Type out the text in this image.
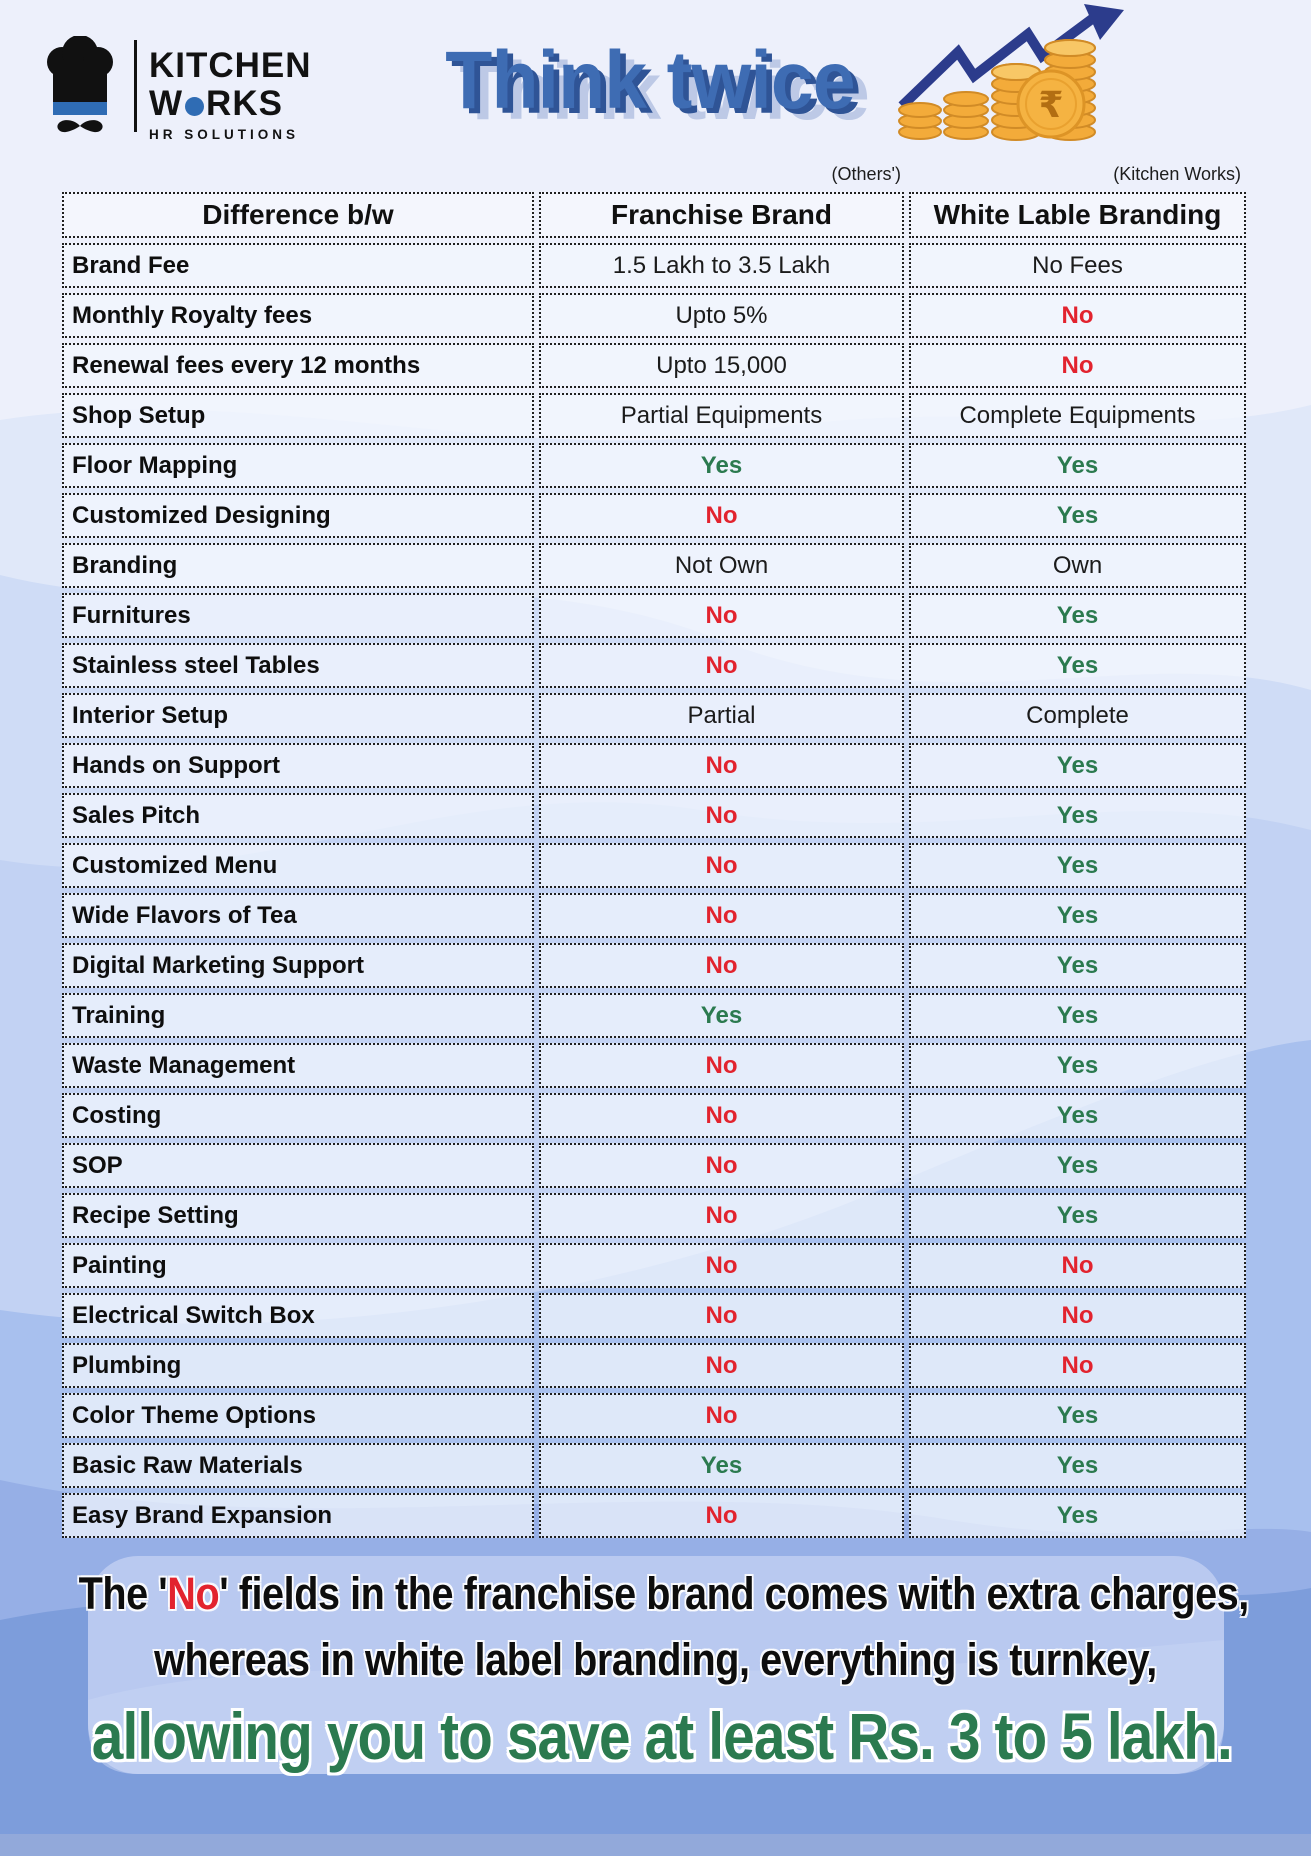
KITCHEN
W RKS
HR SOLUTIONS
Think twice	₹
(Others')	(Kitchen Works)
Difference b/w	Franchise Brand	White Lable Branding
Brand Fee	1.5 Lakh to 3.5 Lakh	No Fees
Monthly Royalty fees	Upto 5%	No
Renewal fees every 12 months	Upto 15,000	No
Shop Setup	Partial Equipments	Complete Equipments
Floor Mapping	Yes	Yes
Customized Designing	No	Yes
Branding	Not Own	Own
Furnitures	No	Yes
Stainless steel Tables	No	Yes
Interior Setup	Partial	Complete
Hands on Support	No	Yes
Sales Pitch	No	Yes
Customized Menu	No	Yes
Wide Flavors of Tea	No	Yes
Digital Marketing Support	No	Yes
Training	Yes	Yes
Waste Management	No	Yes
Costing	No	Yes
SOP	No	Yes
Recipe Setting	No	Yes
Painting	No	No
Electrical Switch Box	No	No
Plumbing	No	No
Color Theme Options	No	Yes
Basic Raw Materials	Yes	Yes
Easy Brand Expansion	No	Yes
The 'No' fields in the franchise brand comes with extra charges,
whereas in white label branding, everything is turnkey,
allowing you to save at least Rs. 3 to 5 lakh.
